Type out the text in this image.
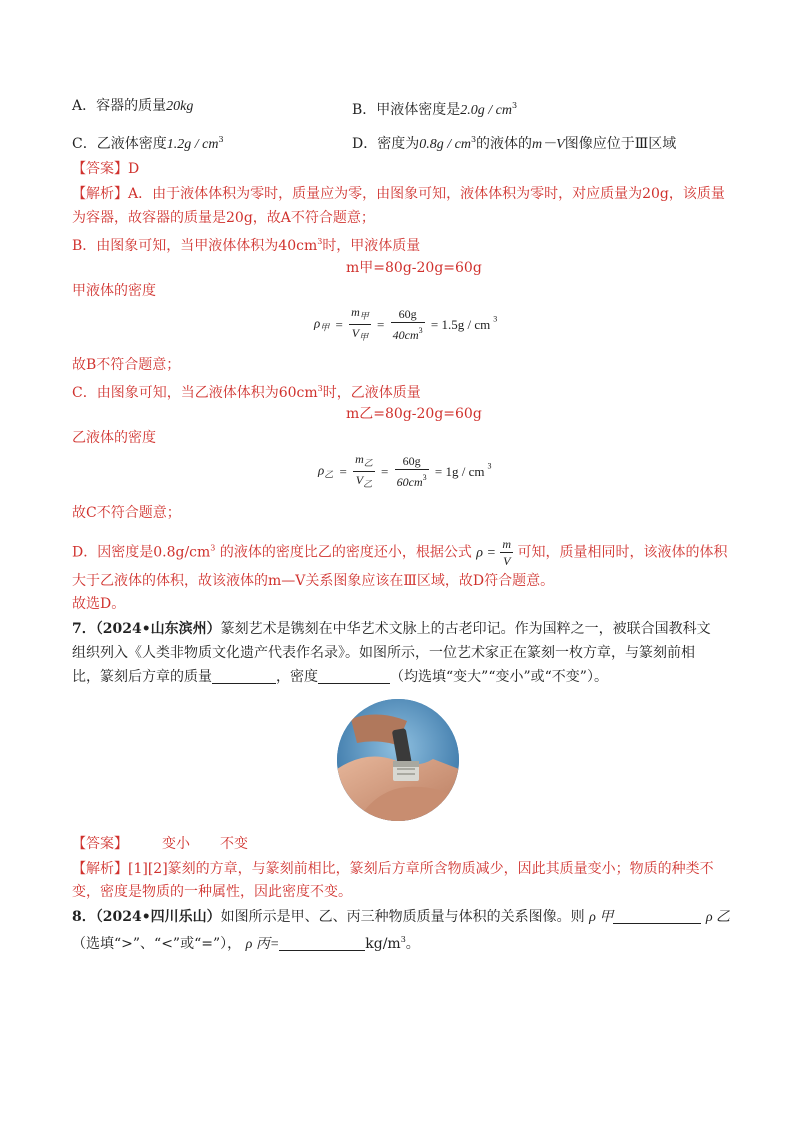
A．容器的质量20kg	B．甲液体密度是$2.0g / cm^3$
C．乙液体密度$1.2g / cm^3$	D．密度为$0.8g / cm^3$的液体的m－V图像应位于Ⅲ区域
【答案】D
【解析】A．由于液体体积为零时，质量应为零，由图象可知，液体体积为零时，对应质量为20g，该质量
为容器，故容器的质量是20g，故A不符合题意；
B．由图象可知，当甲液体体积为$40cm^3$时，甲液体质量
m甲=80g-20g=60g
甲液体的密度
$\rho_甲 = \frac{m_甲}{V_甲} = \frac{60g}{40cm^3} = 1.5g$ / cm $^3$
故B不符合题意；
C．由图象可知，当乙液体体积为$60cm^3$时，乙液体质量
m乙=80g-20g=60g
乙液体的密度
$\rho_乙 = \frac{m_乙}{V_乙} = \frac{60g}{60cm^3} = 1g$ / cm $^3$
故C不符合题意；
D．因密度是$0.8g/cm^3$ 的液体的密度比乙的密度还小，根据公式 $\rho = \frac{m}{V}$ 可知，质量相同时，该液体的体积
大于乙液体的体积，故该液体的m—V关系图象应该在Ⅲ区域，故D符合题意。
故选D。
7．（2024•山东滨州）篆刻艺术是镌刻在中华艺术文脉上的古老印记。作为国粹之一，被联合国教科文
组织列入《人类非物质文化遗产代表作名录》。如图所示，一位艺术家正在篆刻一枚方章，与篆刻前相
比，篆刻后方章的质量	，密度	（均选填“变大”“变小”或“不变”）。
【答案】 变小 不变
【解析】[1][2]篆刻的方章，与篆刻前相比，篆刻后方章所含物质减少，因此其质量变小；物质的种类不
变，密度是物质的一种属性，因此密度不变。
8．（2024•四川乐山）如图所示是甲、乙、丙三种物质质量与体积的关系图像。则 ρ 甲	ρ 乙
（选填“>”、“<”或“=”）， ρ 丙=	$kg/m^3$。
